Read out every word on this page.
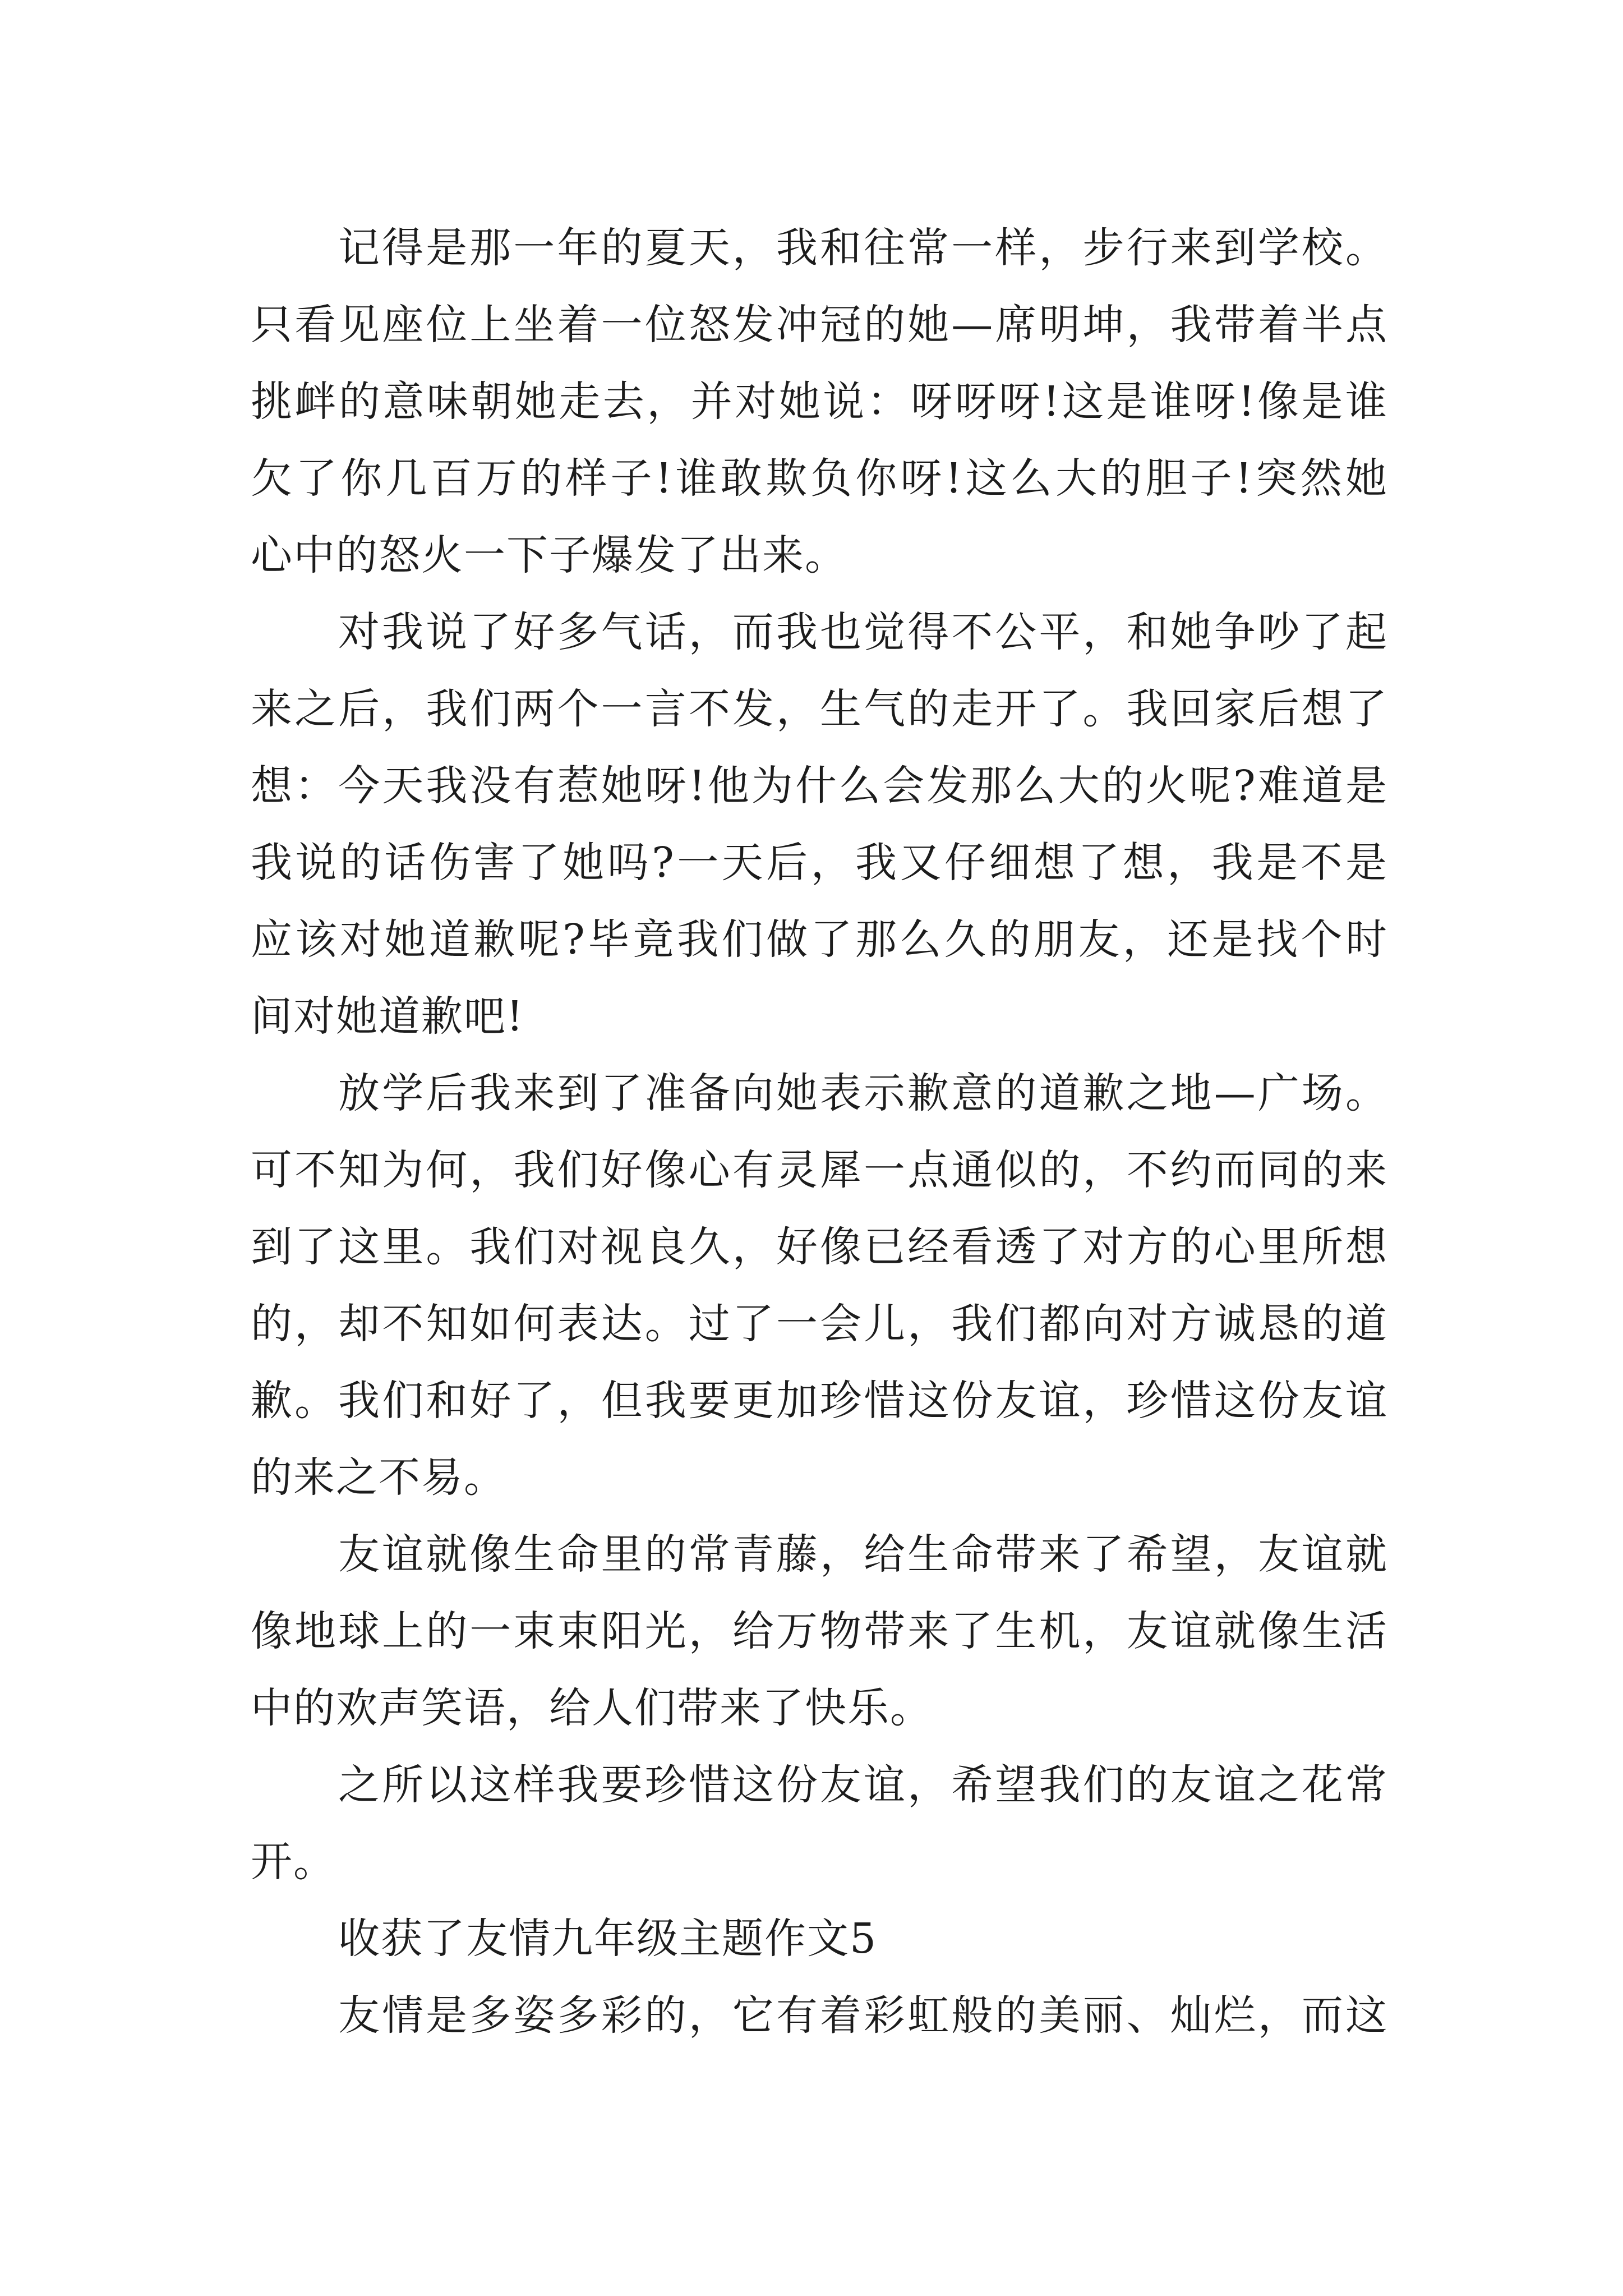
记得是那一年的夏天，我和往常一样，步行来到学校。
只看见座位上坐着一位怒发冲冠的她—席明坤，我带着半点
挑衅的意味朝她走去，并对她说：呀呀呀!这是谁呀!像是谁
欠了你几百万的样子!谁敢欺负你呀!这么大的胆子!突然她
心中的怒火一下子爆发了出来。
对我说了好多气话，而我也觉得不公平，和她争吵了起
来之后，我们两个一言不发，生气的走开了。我回家后想了
想：今天我没有惹她呀!他为什么会发那么大的火呢?难道是
我说的话伤害了她吗?一天后，我又仔细想了想，我是不是
应该对她道歉呢?毕竟我们做了那么久的朋友，还是找个时
间对她道歉吧!
放学后我来到了准备向她表示歉意的道歉之地—广场。
可不知为何，我们好像心有灵犀一点通似的，不约而同的来
到了这里。我们对视良久，好像已经看透了对方的心里所想
的，却不知如何表达。过了一会儿，我们都向对方诚恳的道
歉。我们和好了，但我要更加珍惜这份友谊，珍惜这份友谊
的来之不易。
友谊就像生命里的常青藤，给生命带来了希望，友谊就
像地球上的一束束阳光，给万物带来了生机，友谊就像生活
中的欢声笑语，给人们带来了快乐。
之所以这样我要珍惜这份友谊，希望我们的友谊之花常
开。
收获了友情九年级主题作文5
友情是多姿多彩的，它有着彩虹般的美丽、灿烂，而这
